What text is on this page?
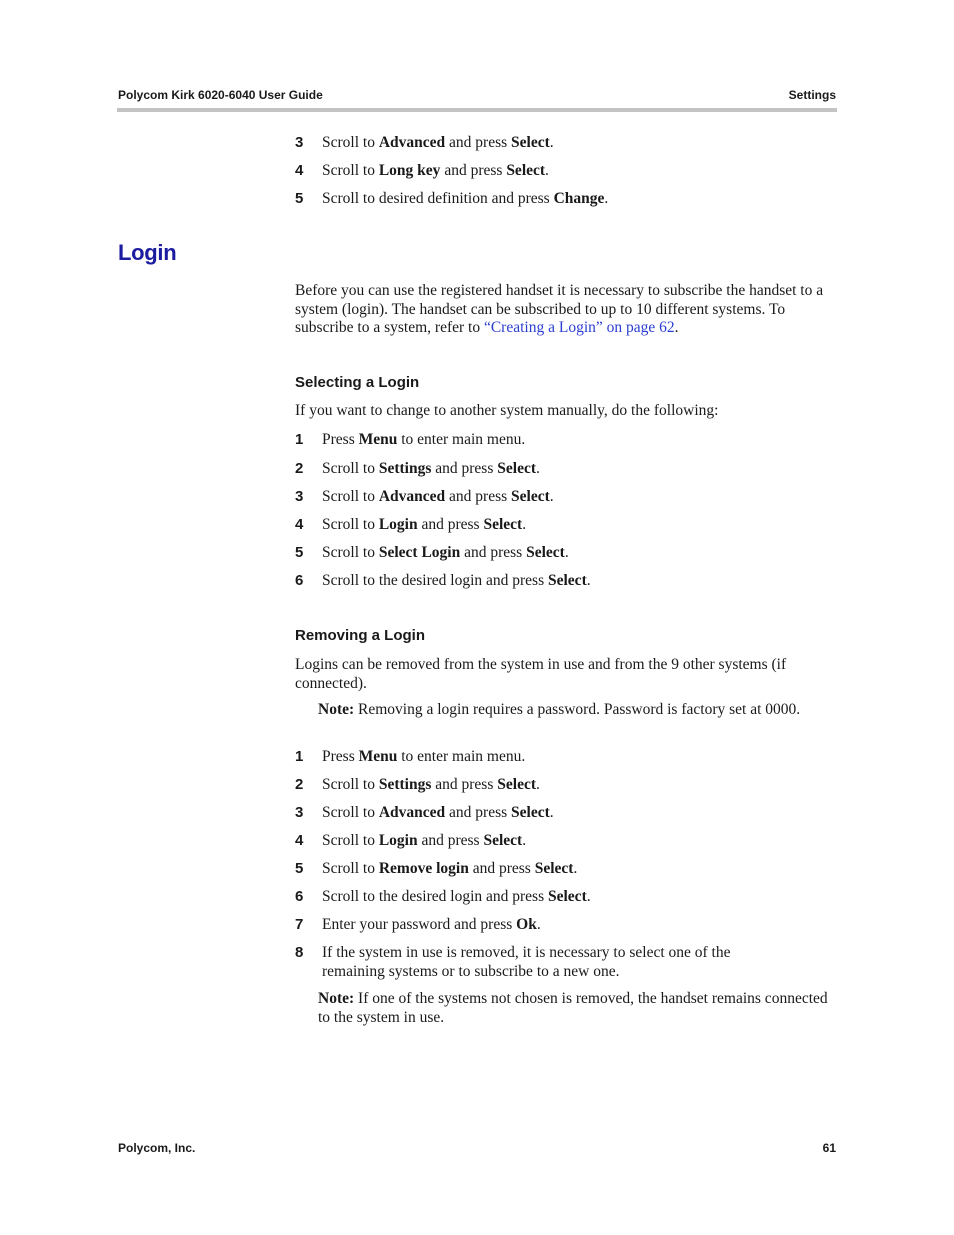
Polycom Kirk 6020-6040 User Guide	Settings
3	Scroll to Advanced and press Select.
4	Scroll to Long key and press Select.
5	Scroll to desired definition and press Change.
Login
Before you can use the registered handset it is necessary to subscribe the handset to a system (login). The handset can be subscribed to up to 10 different systems. To subscribe to a system, refer to “Creating a Login” on page 62.
Selecting a Login
If you want to change to another system manually, do the following:
1	Press Menu to enter main menu.
2	Scroll to Settings and press Select.
3	Scroll to Advanced and press Select.
4	Scroll to Login and press Select.
5	Scroll to Select Login and press Select.
6	Scroll to the desired login and press Select.
Removing a Login
Logins can be removed from the system in use and from the 9 other systems (if connected).
Note: Removing a login requires a password. Password is factory set at 0000.
1	Press Menu to enter main menu.
2	Scroll to Settings and press Select.
3	Scroll to Advanced and press Select.
4	Scroll to Login and press Select.
5	Scroll to Remove login and press Select.
6	Scroll to the desired login and press Select.
7	Enter your password and press Ok.
8	If the system in use is removed, it is necessary to select one of the remaining systems or to subscribe to a new one.
Note: If one of the systems not chosen is removed, the handset remains connected to the system in use.
Polycom, Inc.	61
